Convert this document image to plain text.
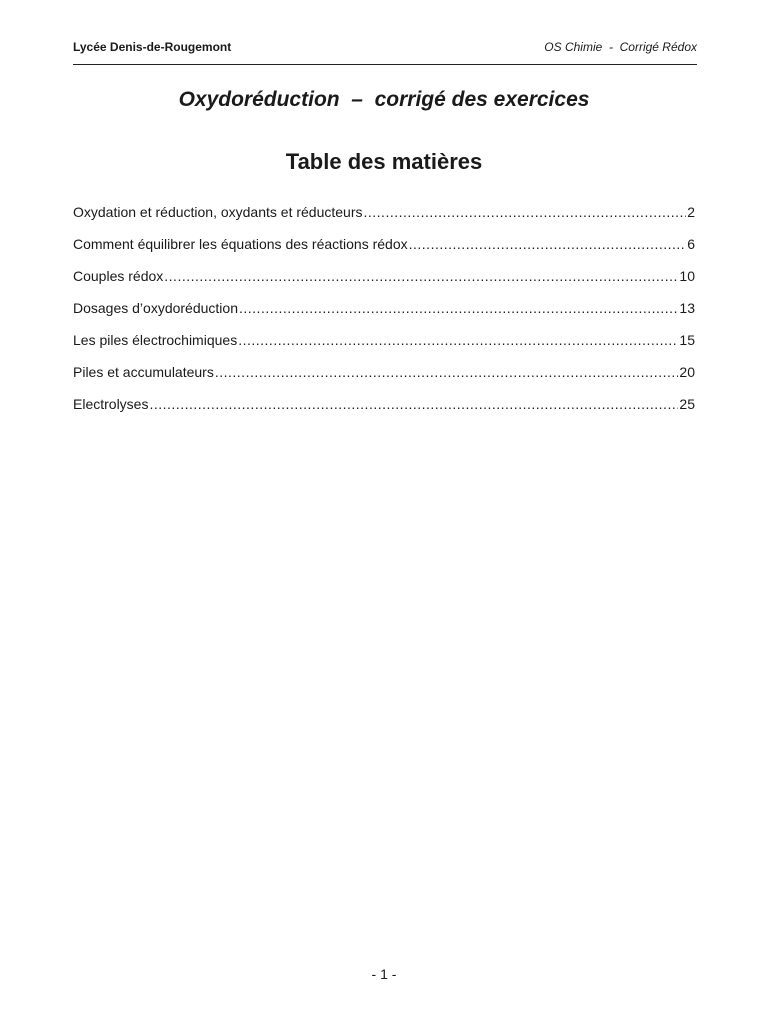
Lycée Denis-de-Rougemont	OS Chimie  -  Corrigé Rédox
Oxydoréduction  –  corrigé des exercices
Table des matières
Oxydation et réduction, oxydants et réducteurs .....	2
Comment équilibrer les équations des réactions rédox .....	6
Couples rédox .....	10
Dosages d’oxydoréduction .....	13
Les piles électrochimiques .....	15
Piles et accumulateurs .....	20
Electrolyses .....	25
- 1 -
